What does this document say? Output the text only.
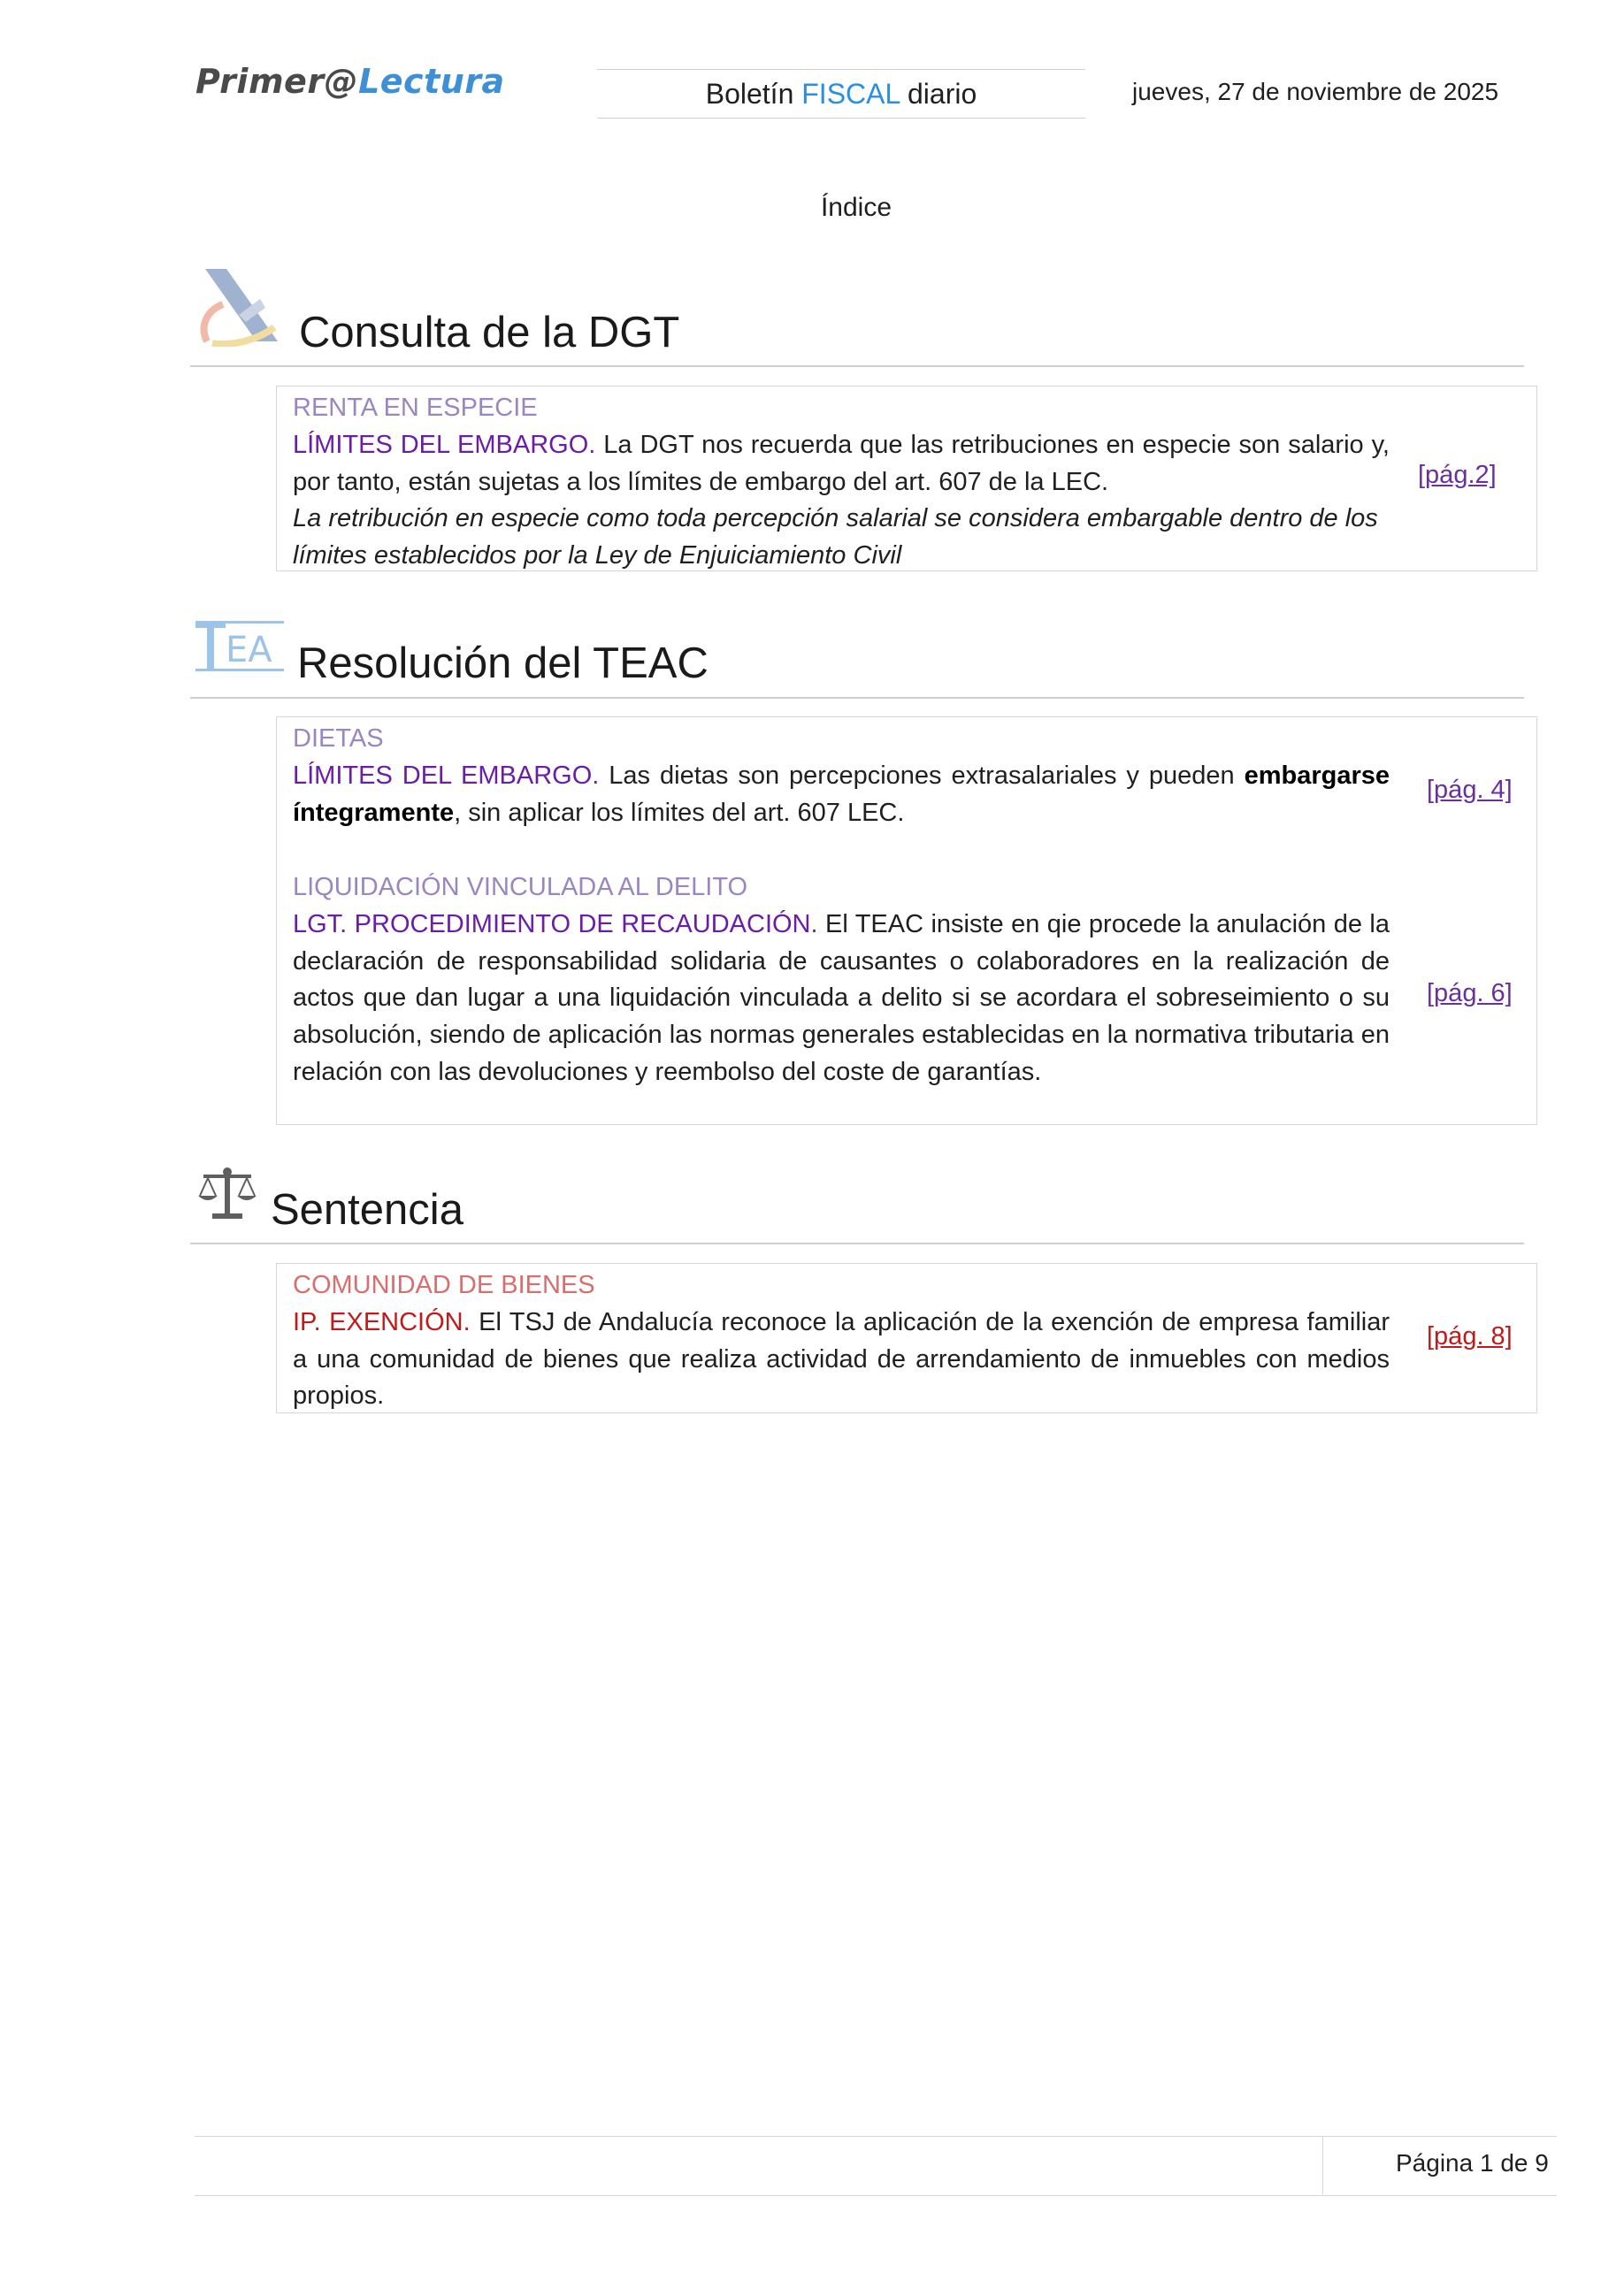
Primer@Lectura	Boletín FISCAL diario	jueves, 27 de noviembre de 2025
Índice
Consulta de la DGT
RENTA EN ESPECIE
LÍMITES DEL EMBARGO. La DGT nos recuerda que las retribuciones en especie son salario y, por tanto, están sujetas a los límites de embargo del art. 607 de la LEC.
La retribución en especie como toda percepción salarial se considera embargable dentro de los límites establecidos por la Ley de Enjuiciamiento Civil
[pág.2]
EA Resolución del TEAC
DIETAS
LÍMITES DEL EMBARGO. Las dietas son percepciones extrasalariales y pueden embargarse íntegramente, sin aplicar los límites del art. 607 LEC.
[pág. 4]
LIQUIDACIÓN VINCULADA AL DELITO
LGT. PROCEDIMIENTO DE RECAUDACIÓN. El TEAC insiste en qie procede la anulación de la declaración de responsabilidad solidaria de causantes o colaboradores en la realización de actos que dan lugar a una liquidación vinculada a delito si se acordara el sobreseimiento o su absolución, siendo de aplicación las normas generales establecidas en la normativa tributaria en relación con las devoluciones y reembolso del coste de garantías.
[pág. 6]
Sentencia
COMUNIDAD DE BIENES
IP. EXENCIÓN. El TSJ de Andalucía reconoce la aplicación de la exención de empresa familiar a una comunidad de bienes que realiza actividad de arrendamiento de inmuebles con medios propios.
[pág. 8]
Página 1 de 9
